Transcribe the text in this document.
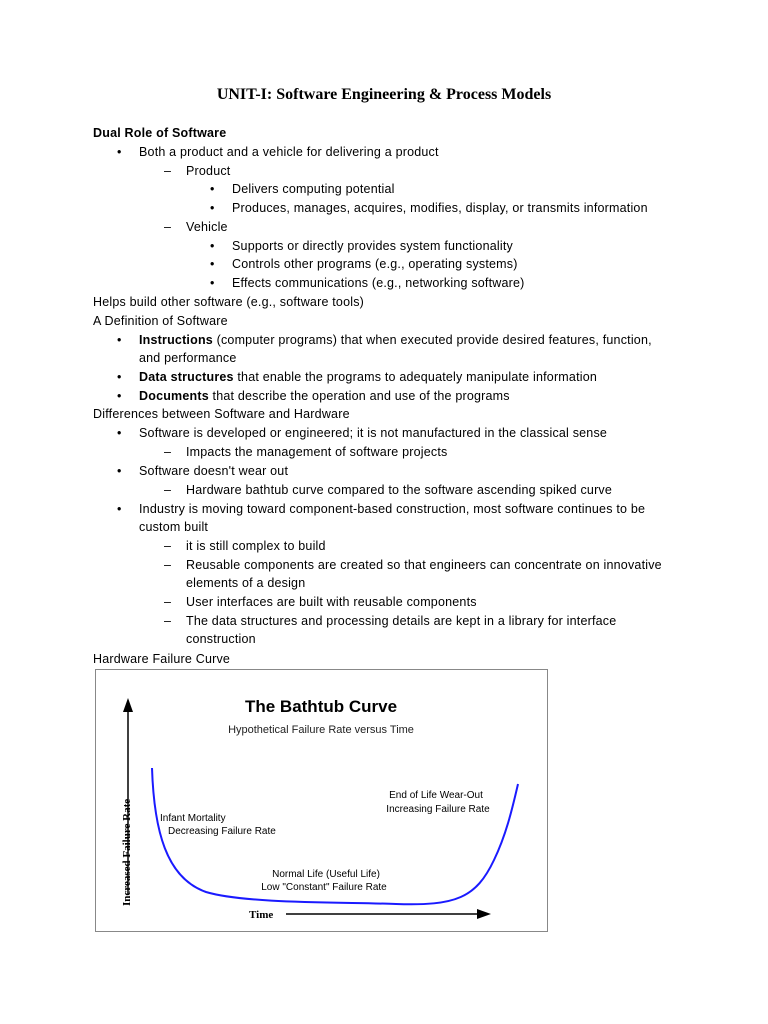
UNIT-I: Software Engineering & Process Models
Dual Role of Software
• Both a product and a vehicle for delivering a product
– Product
• Delivers computing potential
• Produces, manages, acquires, modifies, display, or transmits information
– Vehicle
• Supports or directly provides system functionality
• Controls other programs (e.g., operating systems)
• Effects communications (e.g., networking software)
Helps build other software (e.g., software tools)
A Definition of Software
• Instructions (computer programs) that when executed provide desired features, function,
and performance
• Data structures that enable the programs to adequately manipulate information
• Documents that describe the operation and use of the programs
Differences between Software and Hardware
• Software is developed or engineered; it is not manufactured in the classical sense
– Impacts the management of software projects
• Software doesn't wear out
– Hardware bathtub curve compared to the software ascending spiked curve
• Industry is moving toward component-based construction, most software continues to be
custom built
– it is still complex to build
– Reusable components are created so that engineers can concentrate on innovative
elements of a design
– User interfaces are built with reusable components
– The data structures and processing details are kept in a library for interface
construction
Hardware Failure Curve
The Bathtub Curve
Hypothetical Failure Rate versus Time
Increased Failure Rate
Time
Infant Mortality
Decreasing Failure Rate
Normal Life (Useful Life)
Low "Constant" Failure Rate
End of Life Wear-Out
Increasing Failure Rate
